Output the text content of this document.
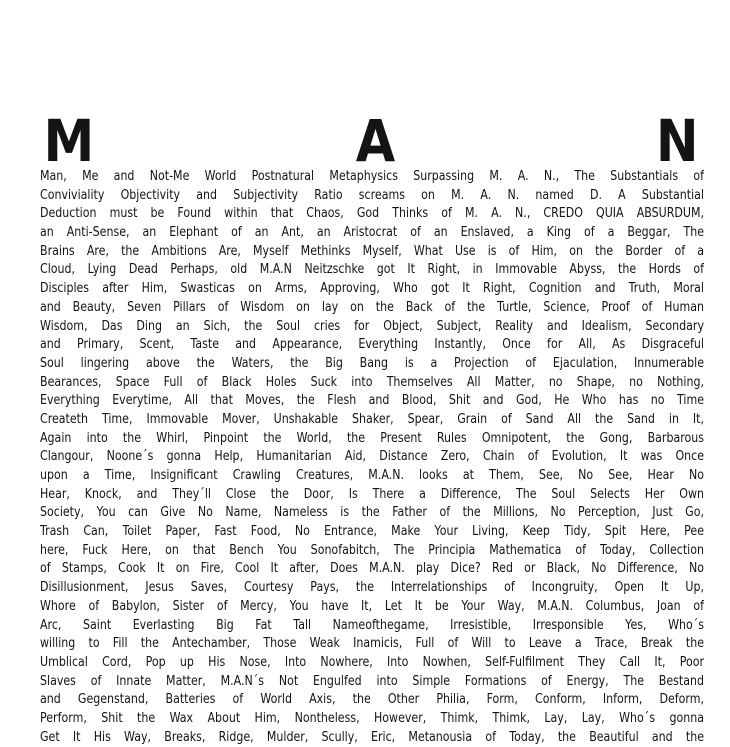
M	A	N
Man, Me and Not-Me World Postnatural Metaphysics Surpassing M. A. N., The Substantials of
Conviviality Objectivity and Subjectivity Ratio screams on M. A. N. named D. A Substantial
Deduction must be Found within that Chaos, God Thinks of M. A. N., CREDO QUIA ABSURDUM,
an Anti-Sense, an Elephant of an Ant, an Aristocrat of an Enslaved, a King of a Beggar, The
Brains Are, the Ambitions Are, Myself Methinks Myself, What Use is of Him, on the Border of a
Cloud, Lying Dead Perhaps, old M.A.N Neitzschke got It Right, in Immovable Abyss, the Hords of
Disciples after Him, Swasticas on Arms, Approving, Who got It Right, Cognition and Truth, Moral
and Beauty, Seven Pillars of Wisdom on lay on the Back of the Turtle, Science, Proof of Human
Wisdom, Das Ding an Sich, the Soul cries for Object, Subject, Reality and Idealism, Secondary
and Primary, Scent, Taste and Appearance, Everything Instantly, Once for All, As Disgraceful
Soul lingering above the Waters, the Big Bang is a Projection of Ejaculation, Innumerable
Bearances, Space Full of Black Holes Suck into Themselves All Matter, no Shape, no Nothing,
Everything Everytime, All that Moves, the Flesh and Blood, Shit and God, He Who has no Time
Createth Time, Immovable Mover, Unshakable Shaker, Spear, Grain of Sand All the Sand in It,
Again into the Whirl, Pinpoint the World, the Present Rules Omnipotent, the Gong, Barbarous
Clangour, Noone´s gonna Help, Humanitarian Aid, Distance Zero, Chain of Evolution, It was Once
upon a Time, Insignificant Crawling Creatures, M.A.N. looks at Them, See, No See, Hear No
Hear, Knock, and They´ll Close the Door, Is There a Difference, The Soul Selects Her Own
Society, You can Give No Name, Nameless is the Father of the Millions, No Perception, Just Go,
Trash Can, Toilet Paper, Fast Food, No Entrance, Make Your Living, Keep Tidy, Spit Here, Pee
here, Fuck Here, on that Bench You Sonofabitch, The Principia Mathematica of Today, Collection
of Stamps, Cook It on Fire, Cool It after, Does M.A.N. play Dice? Red or Black, No Difference, No
Disillusionment, Jesus Saves, Courtesy Pays, the Interrelationships of Incongruity, Open It Up,
Whore of Babylon, Sister of Mercy, You have It, Let It be Your Way, M.A.N. Columbus, Joan of
Arc, Saint Everlasting Big Fat Tall Nameofthegame, Irresistible, Irresponsible Yes, Who´s
willing to Fill the Antechamber, Those Weak Inamicis, Full of Will to Leave a Trace, Break the
Umblical Cord, Pop up His Nose, Into Nowhere, Into Nowhen, Self-Fulfilment They Call It, Poor
Slaves of Innate Matter, M.A.N´s Not Engulfed into Simple Formations of Energy, The Bestand
and Gegenstand, Batteries of World Axis, the Other Philia, Form, Conform, Inform, Deform,
Perform, Shit the Wax About Him, Nontheless, However, Thimk, Thimk, Lay, Lay, Who´s gonna
Get It His Way, Breaks, Ridge, Mulder, Scully, Eric, Metanousia of Today, the Beautiful and the
